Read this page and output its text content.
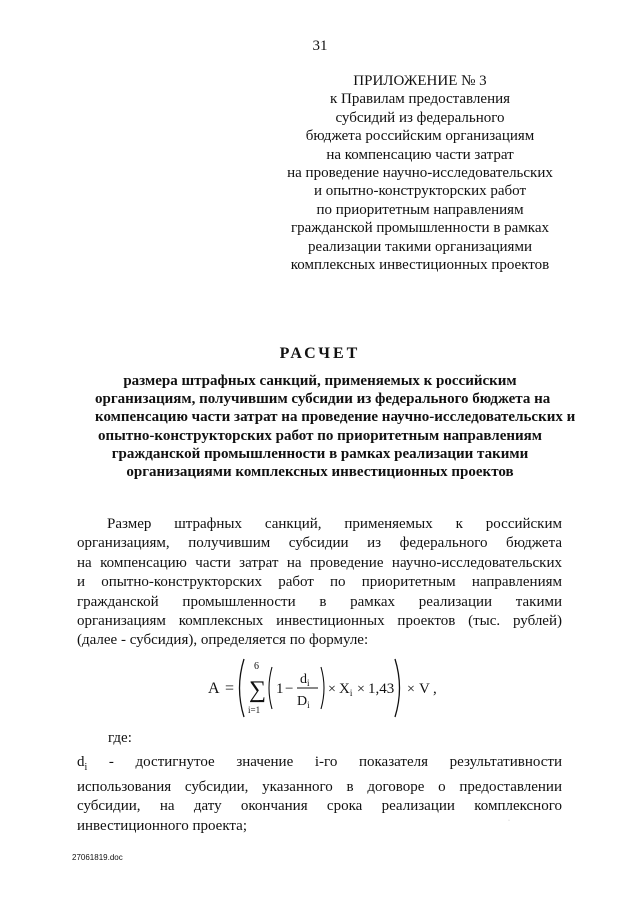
31
ПРИЛОЖЕНИЕ № 3
к Правилам предоставления
субсидий из федерального
бюджета российским организациям
на компенсацию части затрат
на проведение научно-исследовательских
и опытно-конструкторских работ
по приоритетным направлениям
гражданской промышленности в рамках
реализации такими организациями
комплексных инвестиционных проектов
РАСЧЕТ
размера штрафных санкций, применяемых к российским
организациям, получившим субсидии из федерального бюджета на
компенсацию части затрат на проведение научно-исследовательских и
опытно-конструкторских работ по приоритетным направлениям
гражданской промышленности в рамках реализации такими
организациями комплексных инвестиционных проектов
Размер штрафных санкций, применяемых к российским
организациям, получившим субсидии из федерального бюджета
на компенсацию части затрат на проведение научно-исследовательских
и опытно-конструкторских работ по приоритетным направлениям
гражданской промышленности в рамках реализации такими
организациям комплексных инвестиционных проектов (тыс. рублей)
(далее - субсидия), определяется по формуле:
A =
6
∑
i=1
1 −
$d_i$
$D_i$
× $X_i \times 1,43 \times V$ ,
где:
$d_i$ - достигнутое значение i-го показателя результативности
использования субсидии, указанного в договоре о предоставлении
субсидии, на дату окончания срока реализации комплексного
инвестиционного проекта;	·
27061819.doc
